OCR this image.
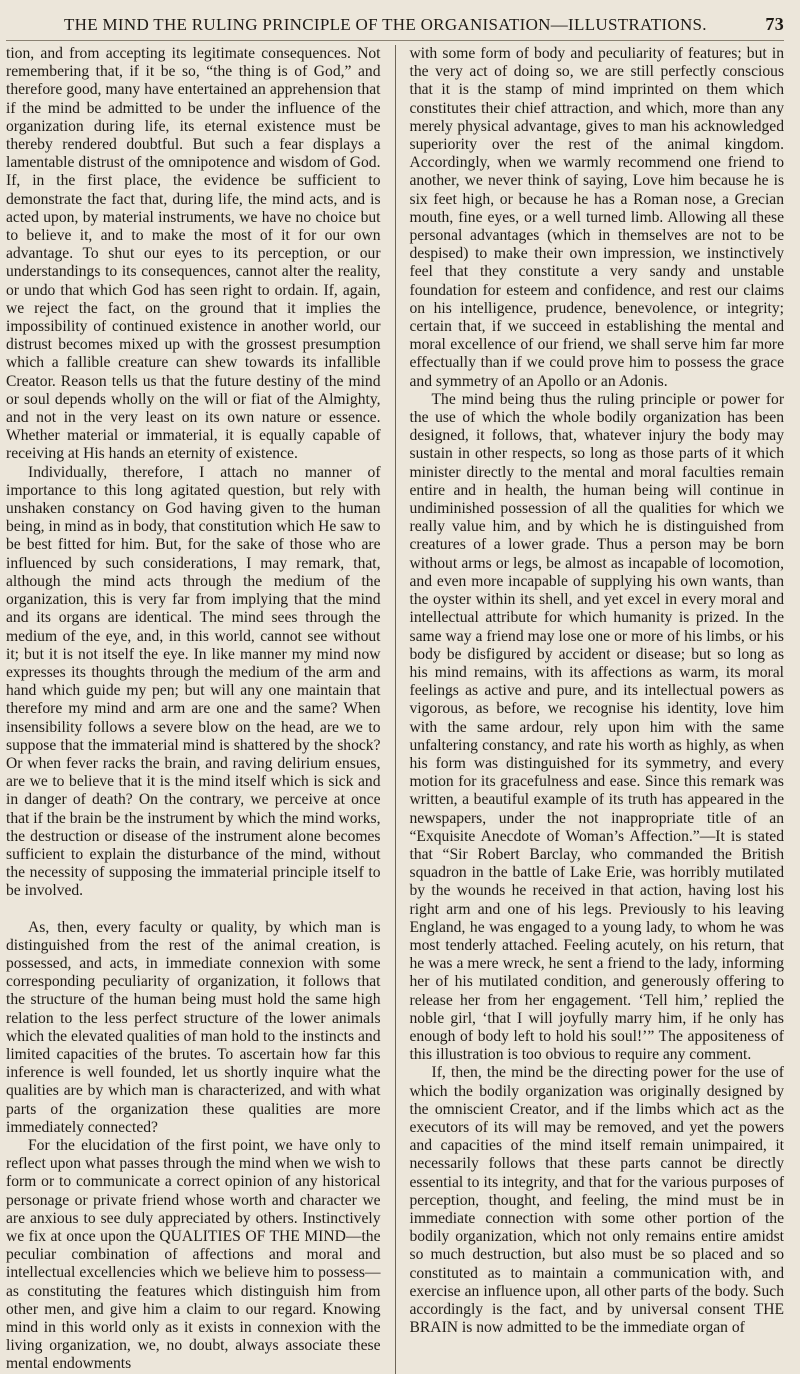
THE MIND THE RULING PRINCIPLE OF THE ORGANISATION—ILLUSTRATIONS.	73

tion, and from accepting its legitimate consequences. Not remembering that, if it be so, “the thing is of God,” and therefore good, many have entertained an apprehension that if the mind be admitted to be under the influence of the organization during life, its eternal existence must be thereby rendered doubtful. But such a fear displays a lamentable distrust of the omnipotence and wisdom of God. If, in the first place, the evidence be sufficient to demonstrate the fact that, during life, the mind acts, and is acted upon, by material instruments, we have no choice but to believe it, and to make the most of it for our own advantage. To shut our eyes to its perception, or our understandings to its consequences, cannot alter the reality, or undo that which God has seen right to ordain. If, again, we reject the fact, on the ground that it implies the impossibility of continued existence in another world, our distrust becomes mixed up with the grossest presumption which a fallible creature can shew towards its infallible Creator. Reason tells us that the future destiny of the mind or soul depends wholly on the will or fiat of the Almighty, and not in the very least on its own nature or essence. Whether material or immaterial, it is equally capable of receiving at His hands an eternity of existence.

Individually, therefore, I attach no manner of importance to this long agitated question, but rely with unshaken constancy on God having given to the human being, in mind as in body, that constitution which He saw to be best fitted for him. But, for the sake of those who are influenced by such considerations, I may remark, that, although the mind acts through the medium of the organization, this is very far from implying that the mind and its organs are identical. The mind sees through the medium of the eye, and, in this world, cannot see without it; but it is not itself the eye. In like manner my mind now expresses its thoughts through the medium of the arm and hand which guide my pen; but will any one maintain that therefore my mind and arm are one and the same? When insensibility follows a severe blow on the head, are we to suppose that the immaterial mind is shattered by the shock? Or when fever racks the brain, and raving delirium ensues, are we to believe that it is the mind itself which is sick and in danger of death? On the contrary, we perceive at once that if the brain be the instrument by which the mind works, the destruction or disease of the instrument alone becomes sufficient to explain the disturbance of the mind, without the necessity of supposing the immaterial principle itself to be involved.

As, then, every faculty or quality, by which man is distinguished from the rest of the animal creation, is possessed, and acts, in immediate connexion with some corresponding peculiarity of organization, it follows that the structure of the human being must hold the same high relation to the less perfect structure of the lower animals which the elevated qualities of man hold to the instincts and limited capacities of the brutes. To ascertain how far this inference is well founded, let us shortly inquire what the qualities are by which man is characterized, and with what parts of the organization these qualities are more immediately connected?

For the elucidation of the first point, we have only to reflect upon what passes through the mind when we wish to form or to communicate a correct opinion of any historical personage or private friend whose worth and character we are anxious to see duly appreciated by others. Instinctively we fix at once upon the QUALITIES OF THE MIND—the peculiar combination of affections and moral and intellectual excellencies which we believe him to possess—as constituting the features which distinguish him from other men, and give him a claim to our regard. Knowing mind in this world only as it exists in connexion with the living organization, we, no doubt, always associate these mental endowments

with some form of body and peculiarity of features; but in the very act of doing so, we are still perfectly conscious that it is the stamp of mind imprinted on them which constitutes their chief attraction, and which, more than any merely physical advantage, gives to man his acknowledged superiority over the rest of the animal kingdom. Accordingly, when we warmly recommend one friend to another, we never think of saying, Love him because he is six feet high, or because he has a Roman nose, a Grecian mouth, fine eyes, or a well turned limb. Allowing all these personal advantages (which in themselves are not to be despised) to make their own impression, we instinctively feel that they constitute a very sandy and unstable foundation for esteem and confidence, and rest our claims on his intelligence, prudence, benevolence, or integrity; certain that, if we succeed in establishing the mental and moral excellence of our friend, we shall serve him far more effectually than if we could prove him to possess the grace and symmetry of an Apollo or an Adonis.

The mind being thus the ruling principle or power for the use of which the whole bodily organization has been designed, it follows, that, whatever injury the body may sustain in other respects, so long as those parts of it which minister directly to the mental and moral faculties remain entire and in health, the human being will continue in undiminished possession of all the qualities for which we really value him, and by which he is distinguished from creatures of a lower grade. Thus a person may be born without arms or legs, be almost as incapable of locomotion, and even more incapable of supplying his own wants, than the oyster within its shell, and yet excel in every moral and intellectual attribute for which humanity is prized. In the same way a friend may lose one or more of his limbs, or his body be disfigured by accident or disease; but so long as his mind remains, with its affections as warm, its moral feelings as active and pure, and its intellectual powers as vigorous, as before, we recognise his identity, love him with the same ardour, rely upon him with the same unfaltering constancy, and rate his worth as highly, as when his form was distinguished for its symmetry, and every motion for its gracefulness and ease. Since this remark was written, a beautiful example of its truth has appeared in the newspapers, under the not inappropriate title of an “Exquisite Anecdote of Woman’s Affection.”—It is stated that “Sir Robert Barclay, who commanded the British squadron in the battle of Lake Erie, was horribly mutilated by the wounds he received in that action, having lost his right arm and one of his legs. Previously to his leaving England, he was engaged to a young lady, to whom he was most tenderly attached. Feeling acutely, on his return, that he was a mere wreck, he sent a friend to the lady, informing her of his mutilated condition, and generously offering to release her from her engagement. ‘Tell him,’ replied the noble girl, ‘that I will joyfully marry him, if he only has enough of body left to hold his soul!’” The appositeness of this illustration is too obvious to require any comment.

If, then, the mind be the directing power for the use of which the bodily organization was originally designed by the omniscient Creator, and if the limbs which act as the executors of its will may be removed, and yet the powers and capacities of the mind itself remain unimpaired, it necessarily follows that these parts cannot be directly essential to its integrity, and that for the various purposes of perception, thought, and feeling, the mind must be in immediate connection with some other portion of the bodily organization, which not only remains entire amidst so much destruction, but also must be so placed and so constituted as to maintain a communication with, and exercise an influence upon, all other parts of the body. Such accordingly is the fact, and by universal consent THE BRAIN is now admitted to be the immediate organ of
